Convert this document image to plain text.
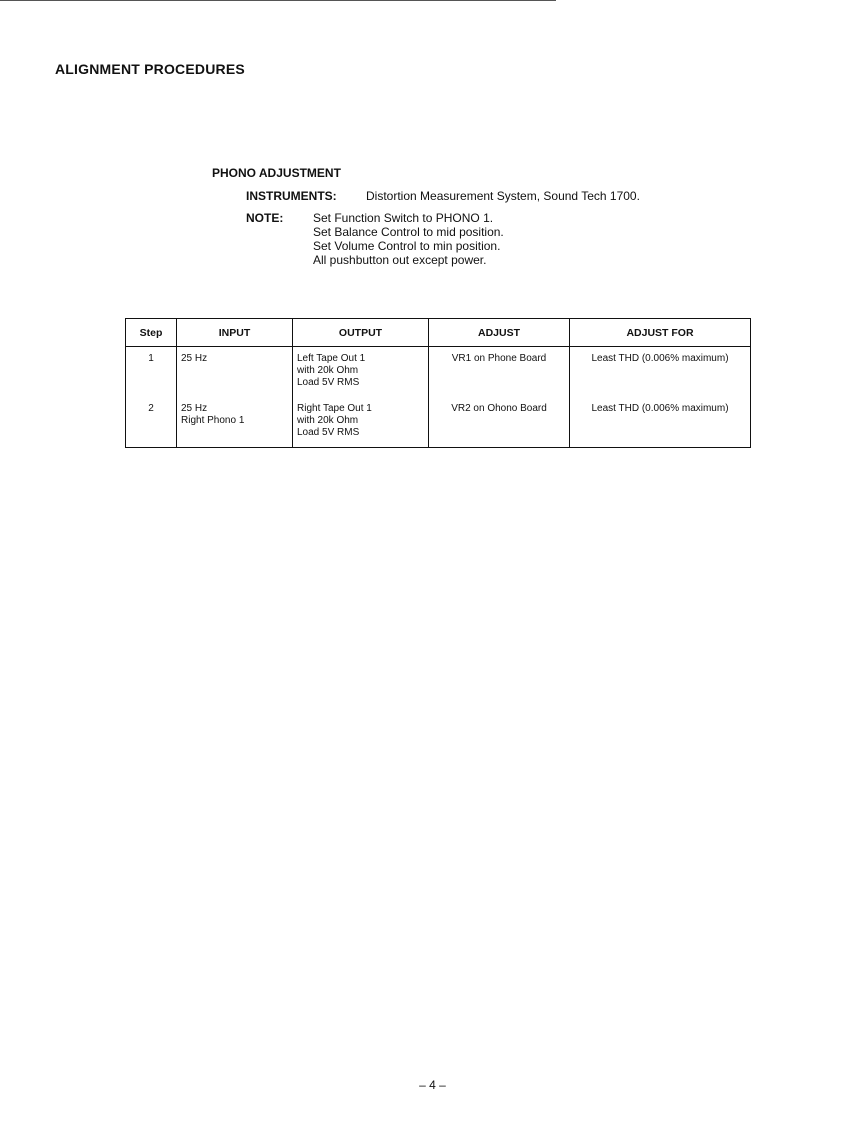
ALIGNMENT PROCEDURES
PHONO ADJUSTMENT
INSTRUMENTS: Distortion Measurement System, Sound Tech 1700.
NOTE: Set Function Switch to PHONO 1.
Set Balance Control to mid position.
Set Volume Control to min position.
All pushbutton out except power.
Step	INPUT	OUTPUT	ADJUST	ADJUST FOR
1	25 Hz	Left Tape Out 1
with 20k Ohm
Load 5V RMS	VR1 on Phone Board	Least THD (0.006% maximum)
2	25 Hz
Right Phono 1	Right Tape Out 1
with 20k Ohm
Load 5V RMS	VR2 on Ohono Board	Least THD (0.006% maximum)
– 4 –
